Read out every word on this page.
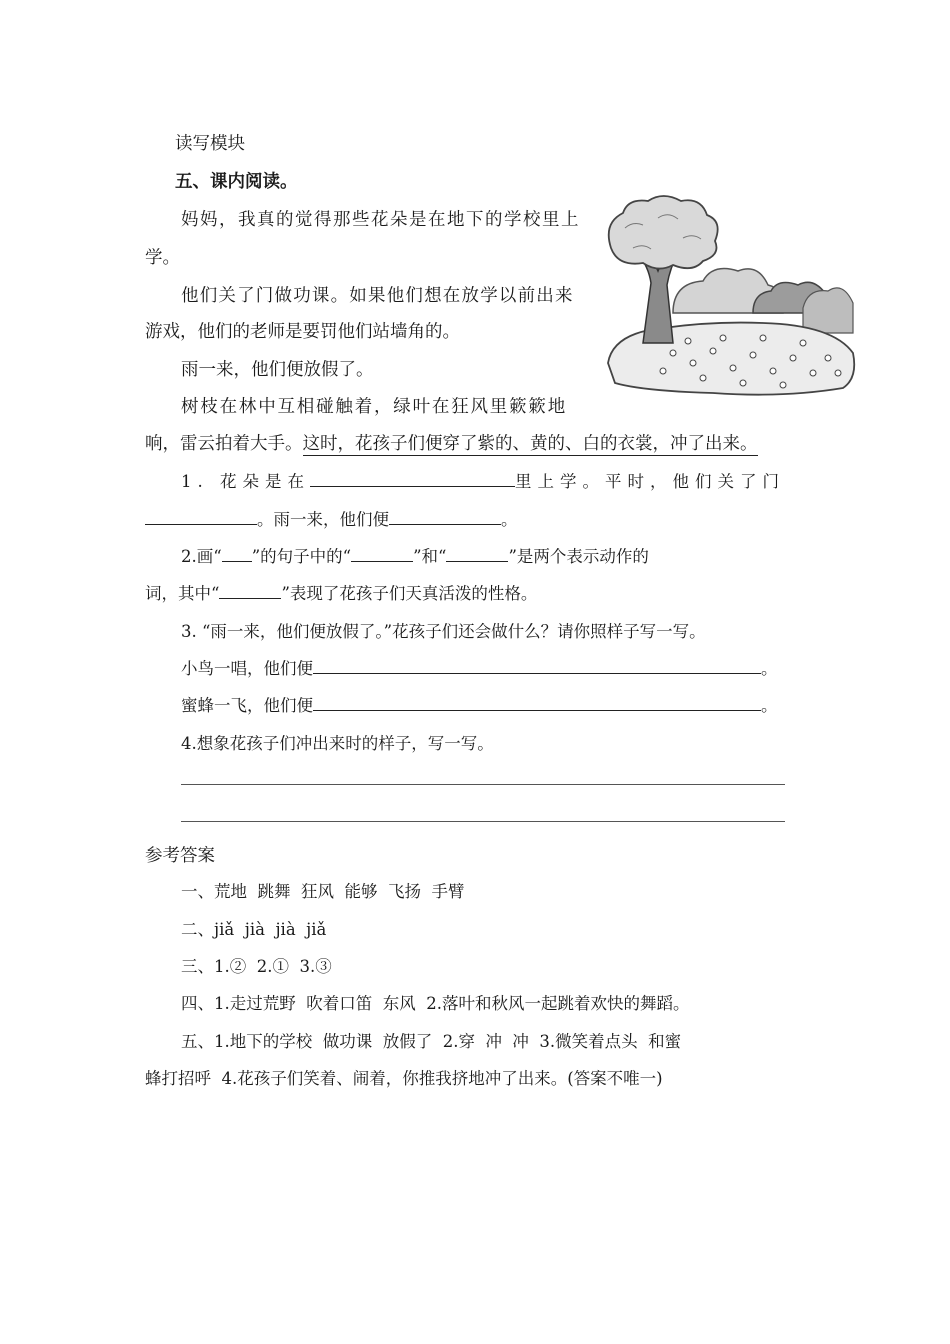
读写模块
五、课内阅读。
妈妈，我真的觉得那些花朵是在地下的学校里上
学。
他们关了门做功课。如果他们想在放学以前出来
游戏，他们的老师是要罚他们站墙角的。
雨一来，他们便放假了。
树枝在林中互相碰触着，绿叶在狂风里簌簌地
响，雷云拍着大手。这时，花孩子们便穿了紫的、黄的、白的衣裳，冲了出来。
1. 花朵是在	里上学。平时，他们关了门
。雨一来，他们便	。
2.画“ ”的句子中的“	”和“	”是两个表示动作的
词，其中“	”表现了花孩子们天真活泼的性格。
3. “雨一来，他们便放假了。”花孩子们还会做什么？请你照样子写一写。
小鸟一唱，他们便	。
蜜蜂一飞，他们便	。
4.想象花孩子们冲出来时的样子，写一写。
参考答案
一、荒地  跳舞  狂风  能够  飞扬  手臂
二、jiǎ  jià  jià  jiǎ
三、1.②  2.①  3.③
四、1.走过荒野  吹着口笛  东风  2.落叶和秋风一起跳着欢快的舞蹈。
五、1.地下的学校  做功课  放假了  2.穿  冲  冲  3.微笑着点头  和蜜
蜂打招呼  4.花孩子们笑着、闹着，你推我挤地冲了出来。(答案不唯一)
